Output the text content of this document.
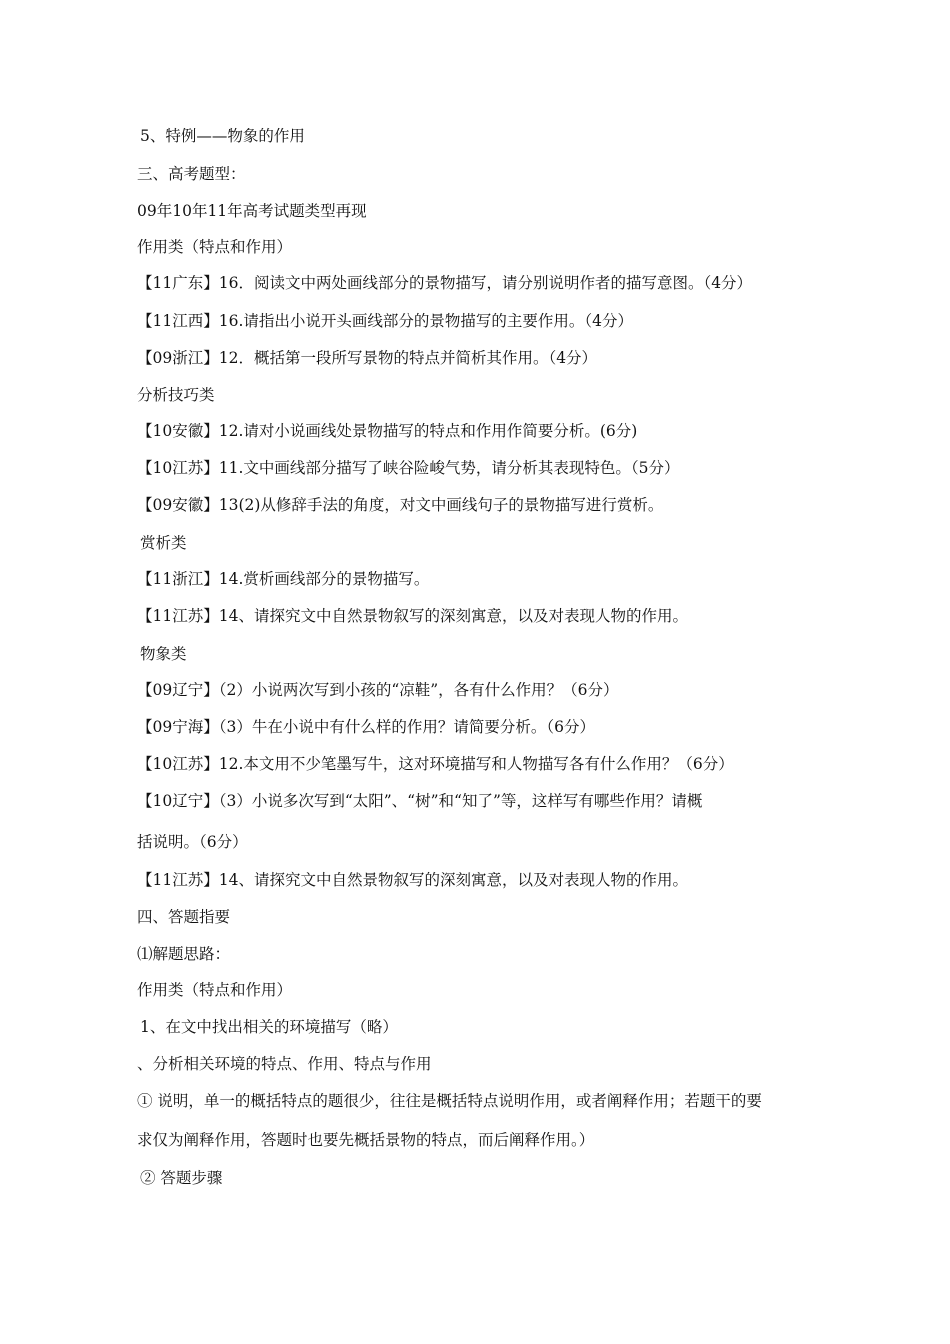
5、特例——物象的作用
三、高考题型：
09年10年11年高考试题类型再现
作用类（特点和作用）
【11广东】16．阅读文中两处画线部分的景物描写，请分别说明作者的描写意图。（4分）
【11江西】16.请指出小说开头画线部分的景物描写的主要作用。（4分）
【09浙江】12．概括第一段所写景物的特点并简析其作用。（4分）
分析技巧类
【10安徽】12.请对小说画线处景物描写的特点和作用作简要分析。(6分)
【10江苏】11.文中画线部分描写了峡谷险峻气势，请分析其表现特色。（5分）
【09安徽】13(2)从修辞手法的角度，对文中画线句子的景物描写进行赏析。
赏析类
【11浙江】14.赏析画线部分的景物描写。
【11江苏】14、请探究文中自然景物叙写的深刻寓意，以及对表现人物的作用。
物象类
【09辽宁】（2）小说两次写到小孩的“凉鞋”，各有什么作用？（6分）
【09宁海】（3）牛在小说中有什么样的作用？请简要分析。（6分）
【10江苏】12.本文用不少笔墨写牛，这对环境描写和人物描写各有什么作用？（6分）
【10辽宁】（3）小说多次写到“太阳”、“树”和“知了”等，这样写有哪些作用？请概
括说明。（6分）
【11江苏】14、请探究文中自然景物叙写的深刻寓意，以及对表现人物的作用。
四、答题指要
⑴解题思路：
作用类（特点和作用）
1、在文中找出相关的环境描写（略）
、分析相关环境的特点、作用、特点与作用
① 说明，单一的概括特点的题很少，往往是概括特点说明作用，或者阐释作用；若题干的要
求仅为阐释作用，答题时也要先概括景物的特点，而后阐释作用。）
② 答题步骤
